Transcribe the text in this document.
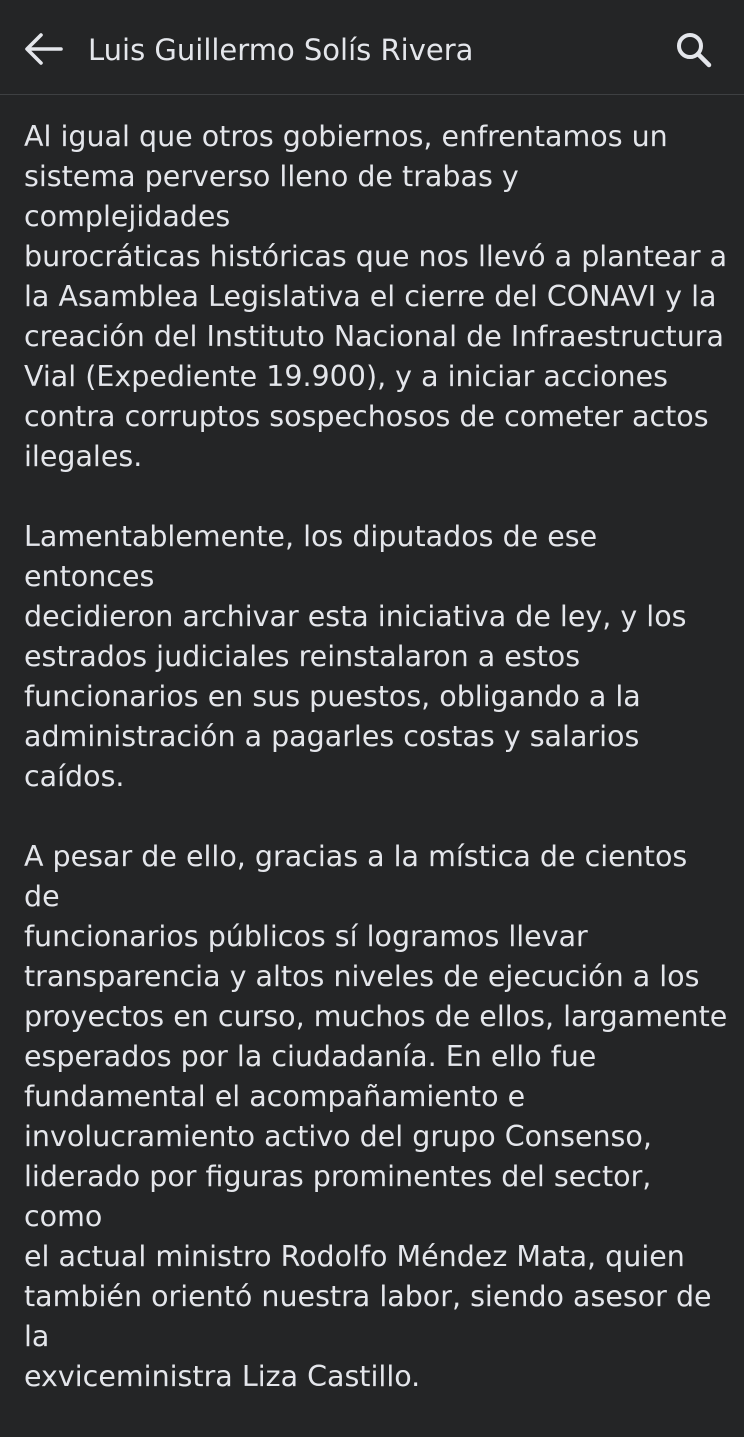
Luis Guillermo Solís Rivera

Al igual que otros gobiernos, enfrentamos un
sistema perverso lleno de trabas y complejidades
burocráticas históricas que nos llevó a plantear a
la Asamblea Legislativa el cierre del CONAVI y la
creación del Instituto Nacional de Infraestructura
Vial (Expediente 19.900), y a iniciar acciones
contra corruptos sospechosos de cometer actos
ilegales.

Lamentablemente, los diputados de ese entonces
decidieron archivar esta iniciativa de ley, y los
estrados judiciales reinstalaron a estos
funcionarios en sus puestos, obligando a la
administración a pagarles costas y salarios
caídos.

A pesar de ello, gracias a la mística de cientos de
funcionarios públicos sí logramos llevar
transparencia y altos niveles de ejecución a los
proyectos en curso, muchos de ellos, largamente
esperados por la ciudadanía. En ello fue
fundamental el acompañamiento e
involucramiento activo del grupo Consenso,
liderado por figuras prominentes del sector, como
el actual ministro Rodolfo Méndez Mata, quien
también orientó nuestra labor, siendo asesor de la
exviceministra Liza Castillo.
